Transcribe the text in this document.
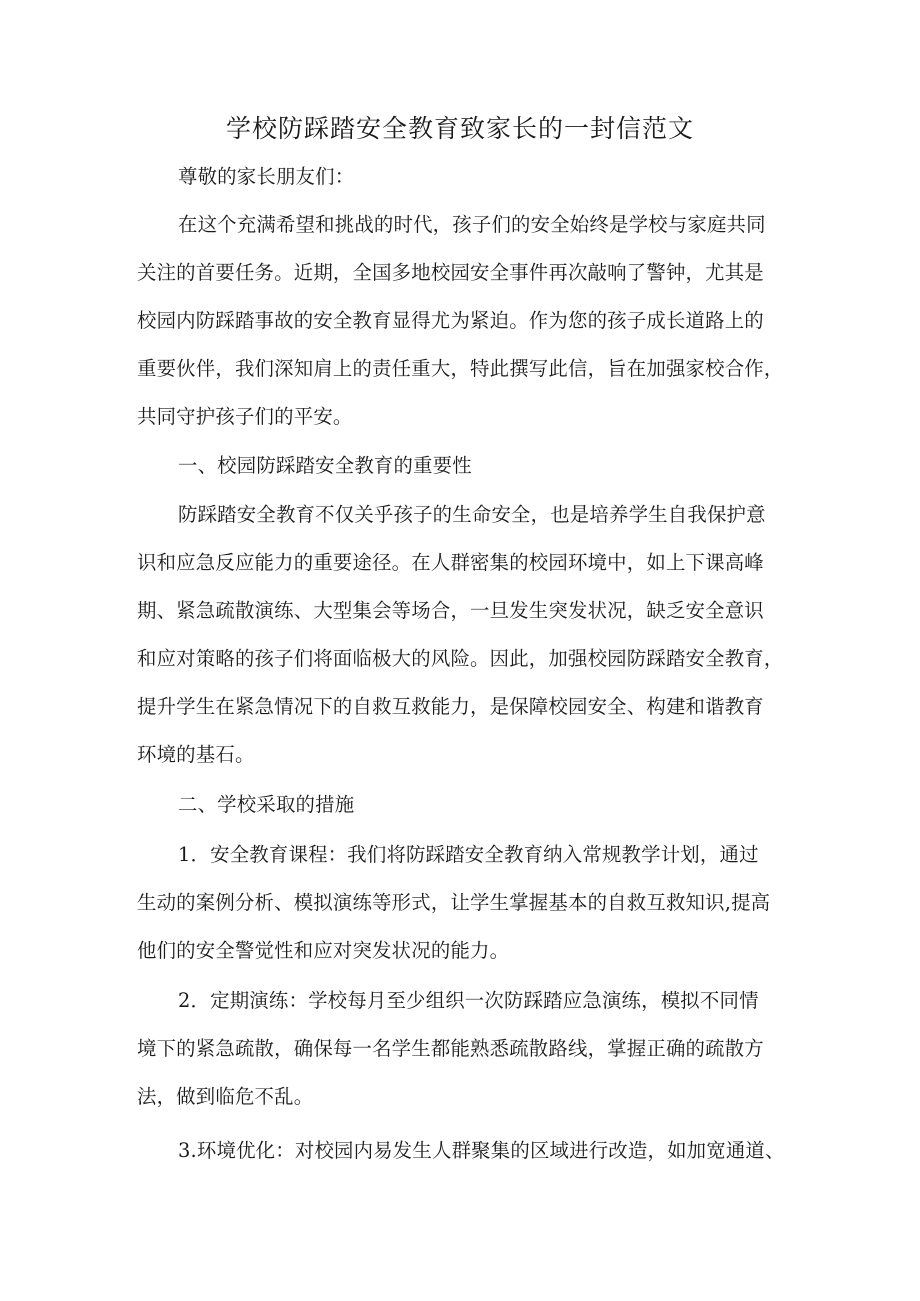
学校防踩踏安全教育致家长的一封信范文
尊敬的家长朋友们：
在这个充满希望和挑战的时代，孩子们的安全始终是学校与家庭共同
关注的首要任务。近期，全国多地校园安全事件再次敲响了警钟，尤其是
校园内防踩踏事故的安全教育显得尤为紧迫。作为您的孩子成长道路上的
重要伙伴，我们深知肩上的责任重大，特此撰写此信，旨在加强家校合作，
共同守护孩子们的平安。
一、校园防踩踏安全教育的重要性
防踩踏安全教育不仅关乎孩子的生命安全，也是培养学生自我保护意
识和应急反应能力的重要途径。在人群密集的校园环境中，如上下课高峰
期、紧急疏散演练、大型集会等场合，一旦发生突发状况，缺乏安全意识
和应对策略的孩子们将面临极大的风险。因此，加强校园防踩踏安全教育，
提升学生在紧急情况下的自救互救能力，是保障校园安全、构建和谐教育
环境的基石。
二、学校采取的措施
1．安全教育课程：我们将防踩踏安全教育纳入常规教学计划，通过
生动的案例分析、模拟演练等形式，让学生掌握基本的自救互救知识,提高
他们的安全警觉性和应对突发状况的能力。
2．定期演练：学校每月至少组织一次防踩踏应急演练，模拟不同情
境下的紧急疏散，确保每一名学生都能熟悉疏散路线，掌握正确的疏散方
法，做到临危不乱。
3.环境优化：对校园内易发生人群聚集的区域进行改造，如加宽通道、
